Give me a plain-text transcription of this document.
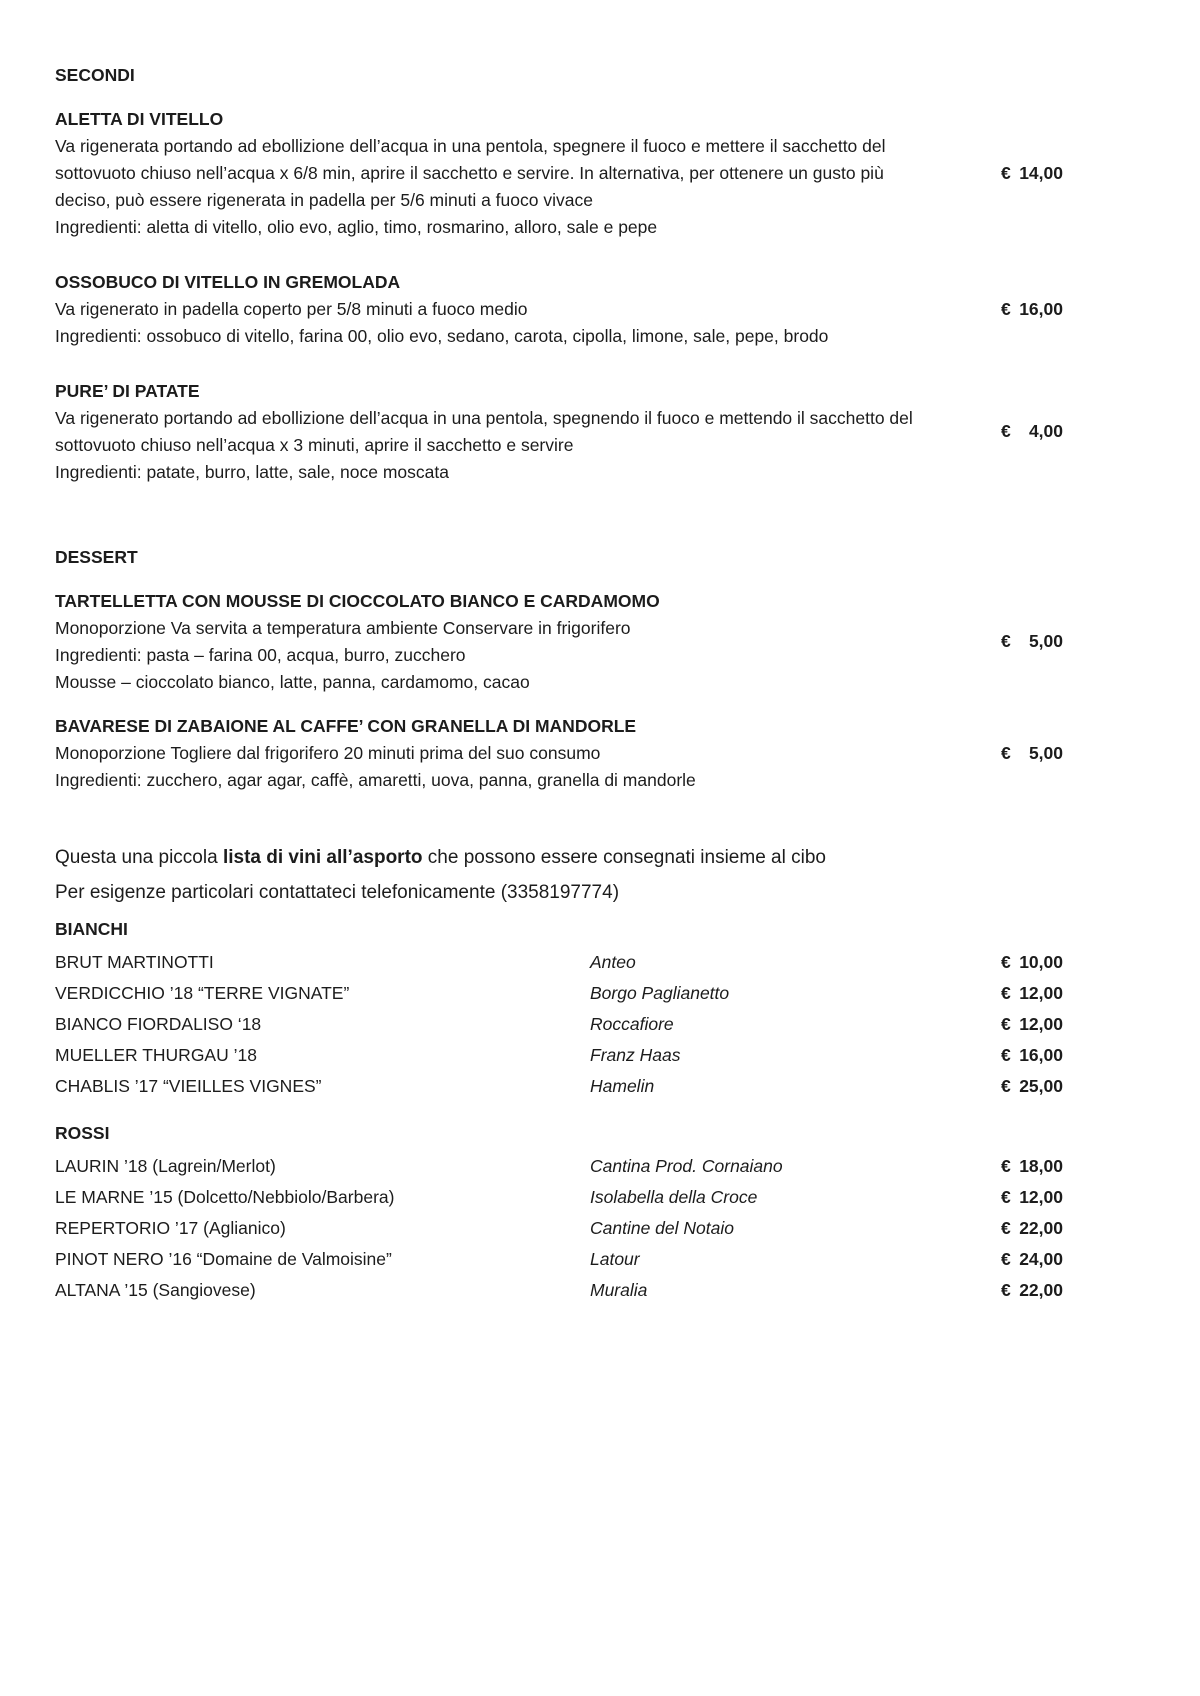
SECONDI
ALETTA DI VITELLO
Va rigenerata portando ad ebollizione dell’acqua in una pentola, spegnere il fuoco e mettere il sacchetto del
sottovuoto chiuso nell’acqua x 6/8 min, aprire il sacchetto e servire. In alternativa, per ottenere un gusto più
deciso, può essere rigenerata in padella per 5/6 minuti a fuoco vivace
Ingredienti: aletta di vitello, olio evo, aglio, timo, rosmarino, alloro, sale e pepe
€ 14,00
OSSOBUCO DI VITELLO IN GREMOLADA
Va rigenerato in padella coperto per 5/8 minuti a fuoco medio
Ingredienti: ossobuco di vitello, farina 00, olio evo, sedano, carota, cipolla, limone, sale, pepe, brodo
€ 16,00
PURE’ DI PATATE
Va rigenerato portando ad ebollizione dell’acqua in una pentola, spegnendo il fuoco e mettendo il sacchetto del
sottovuoto chiuso nell’acqua x 3 minuti, aprire il sacchetto e servire
Ingredienti: patate, burro, latte, sale, noce moscata
€ 4,00
DESSERT
TARTELLETTA CON MOUSSE DI CIOCCOLATO BIANCO E CARDAMOMO
Monoporzione Va servita a temperatura ambiente Conservare in frigorifero
Ingredienti: pasta – farina 00, acqua, burro, zucchero
Mousse – cioccolato bianco, latte, panna, cardamomo, cacao
€ 5,00
BAVARESE DI ZABAIONE AL CAFFE’ CON GRANELLA DI MANDORLE
Monoporzione Togliere dal frigorifero 20 minuti prima del suo consumo
Ingredienti: zucchero, agar agar, caffè, amaretti, uova, panna, granella di mandorle
€ 5,00
Questa una piccola lista di vini all’asporto che possono essere consegnati insieme al cibo
Per esigenze particolari contattateci telefonicamente (3358197774)
BIANCHI
BRUT MARTINOTTI	Anteo	€ 10,00
VERDICCHIO ’18 “TERRE VIGNATE”	Borgo Paglianetto	€ 12,00
BIANCO FIORDALISO ‘18	Roccafiore	€ 12,00
MUELLER THURGAU ’18	Franz Haas	€ 16,00
CHABLIS ’17 “VIEILLES VIGNES”	Hamelin	€ 25,00
ROSSI
LAURIN ’18 (Lagrein/Merlot)	Cantina Prod. Cornaiano	€ 18,00
LE MARNE ’15 (Dolcetto/Nebbiolo/Barbera)	Isolabella della Croce	€ 12,00
REPERTORIO ’17 (Aglianico)	Cantine del Notaio	€ 22,00
PINOT NERO ’16 “Domaine de Valmoisine”	Latour	€ 24,00
ALTANA ’15 (Sangiovese)	Muralia	€ 22,00
